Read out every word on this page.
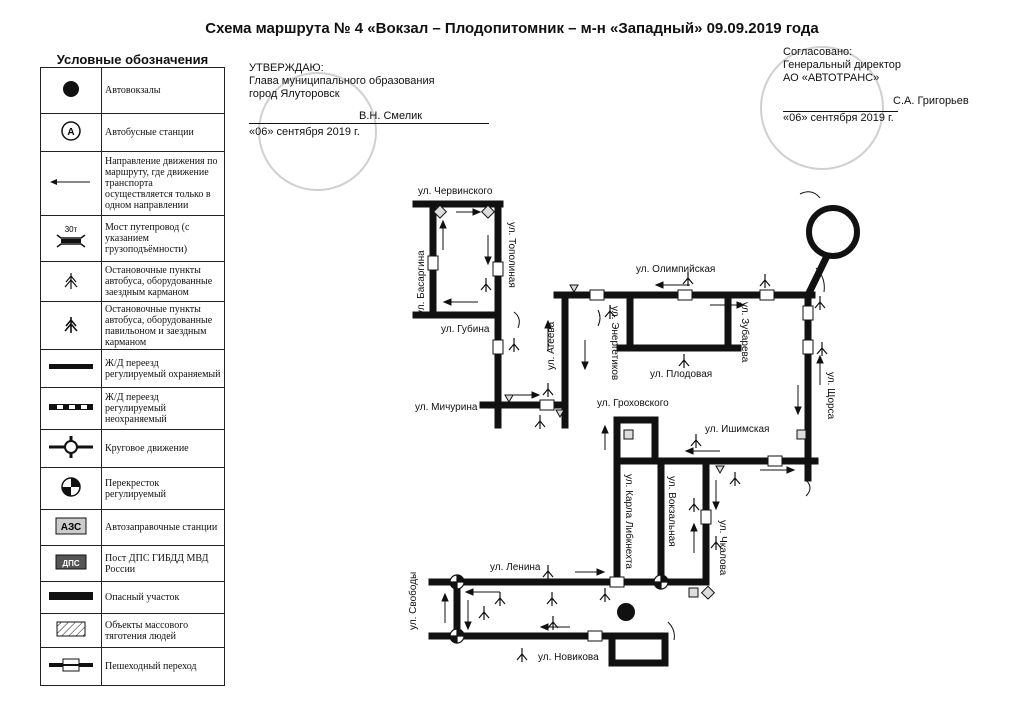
Схема маршрута № 4 «Вокзал – Плодопитомник – м-н «Западный» 09.09.2019 года
Условные обозначения
	Автовокзалы

А	Автобусные станции
	Направление движения по маршруту, где движение транспорта осуществляется только в одном направлении

30т	Мост путепровод (с указанием грузоподъёмности)
	Остановочные пункты автобуса, оборудованные заездным карманом
	Остановочные пункты автобуса, оборудованные павильоном и заездным карманом
	Ж/Д переезд регулируемый охраняемый
	Ж/Д переезд регулируемый неохраняемый
	Круговое движение
	Перекресток регулируемый

АЗС	Автозаправочные станции

ДПС	Пост ДПС ГИБДД МВД России
	Опасный участок
	Объекты массового тяготения людей
	Пешеходный переход
УТВЕРЖДАЮ:
Глава муниципального образования
город Ялуторовск
В.Н. Смелик
«06» сентября 2019 г.
Согласовано:
Генеральный директор
АО «АВТОТРАНС»
С.А. Григорьев
«06» сентября 2019 г.
ул. Червинского
ул. Басаргина	ул. Тополиная
ул. Губина	ул. Агеева
ул. Мичурина
ул. Олимпийская
ул. Энергетиков	ул. Зубарева
ул. Плодовая	ул. Щорса
ул. Гроховского
ул. Ишимская
ул. Карла Либкнехта	ул. Вокзальная
ул. Чкалова
ул. Ленина
ул. Свободы
ул. Новикова
